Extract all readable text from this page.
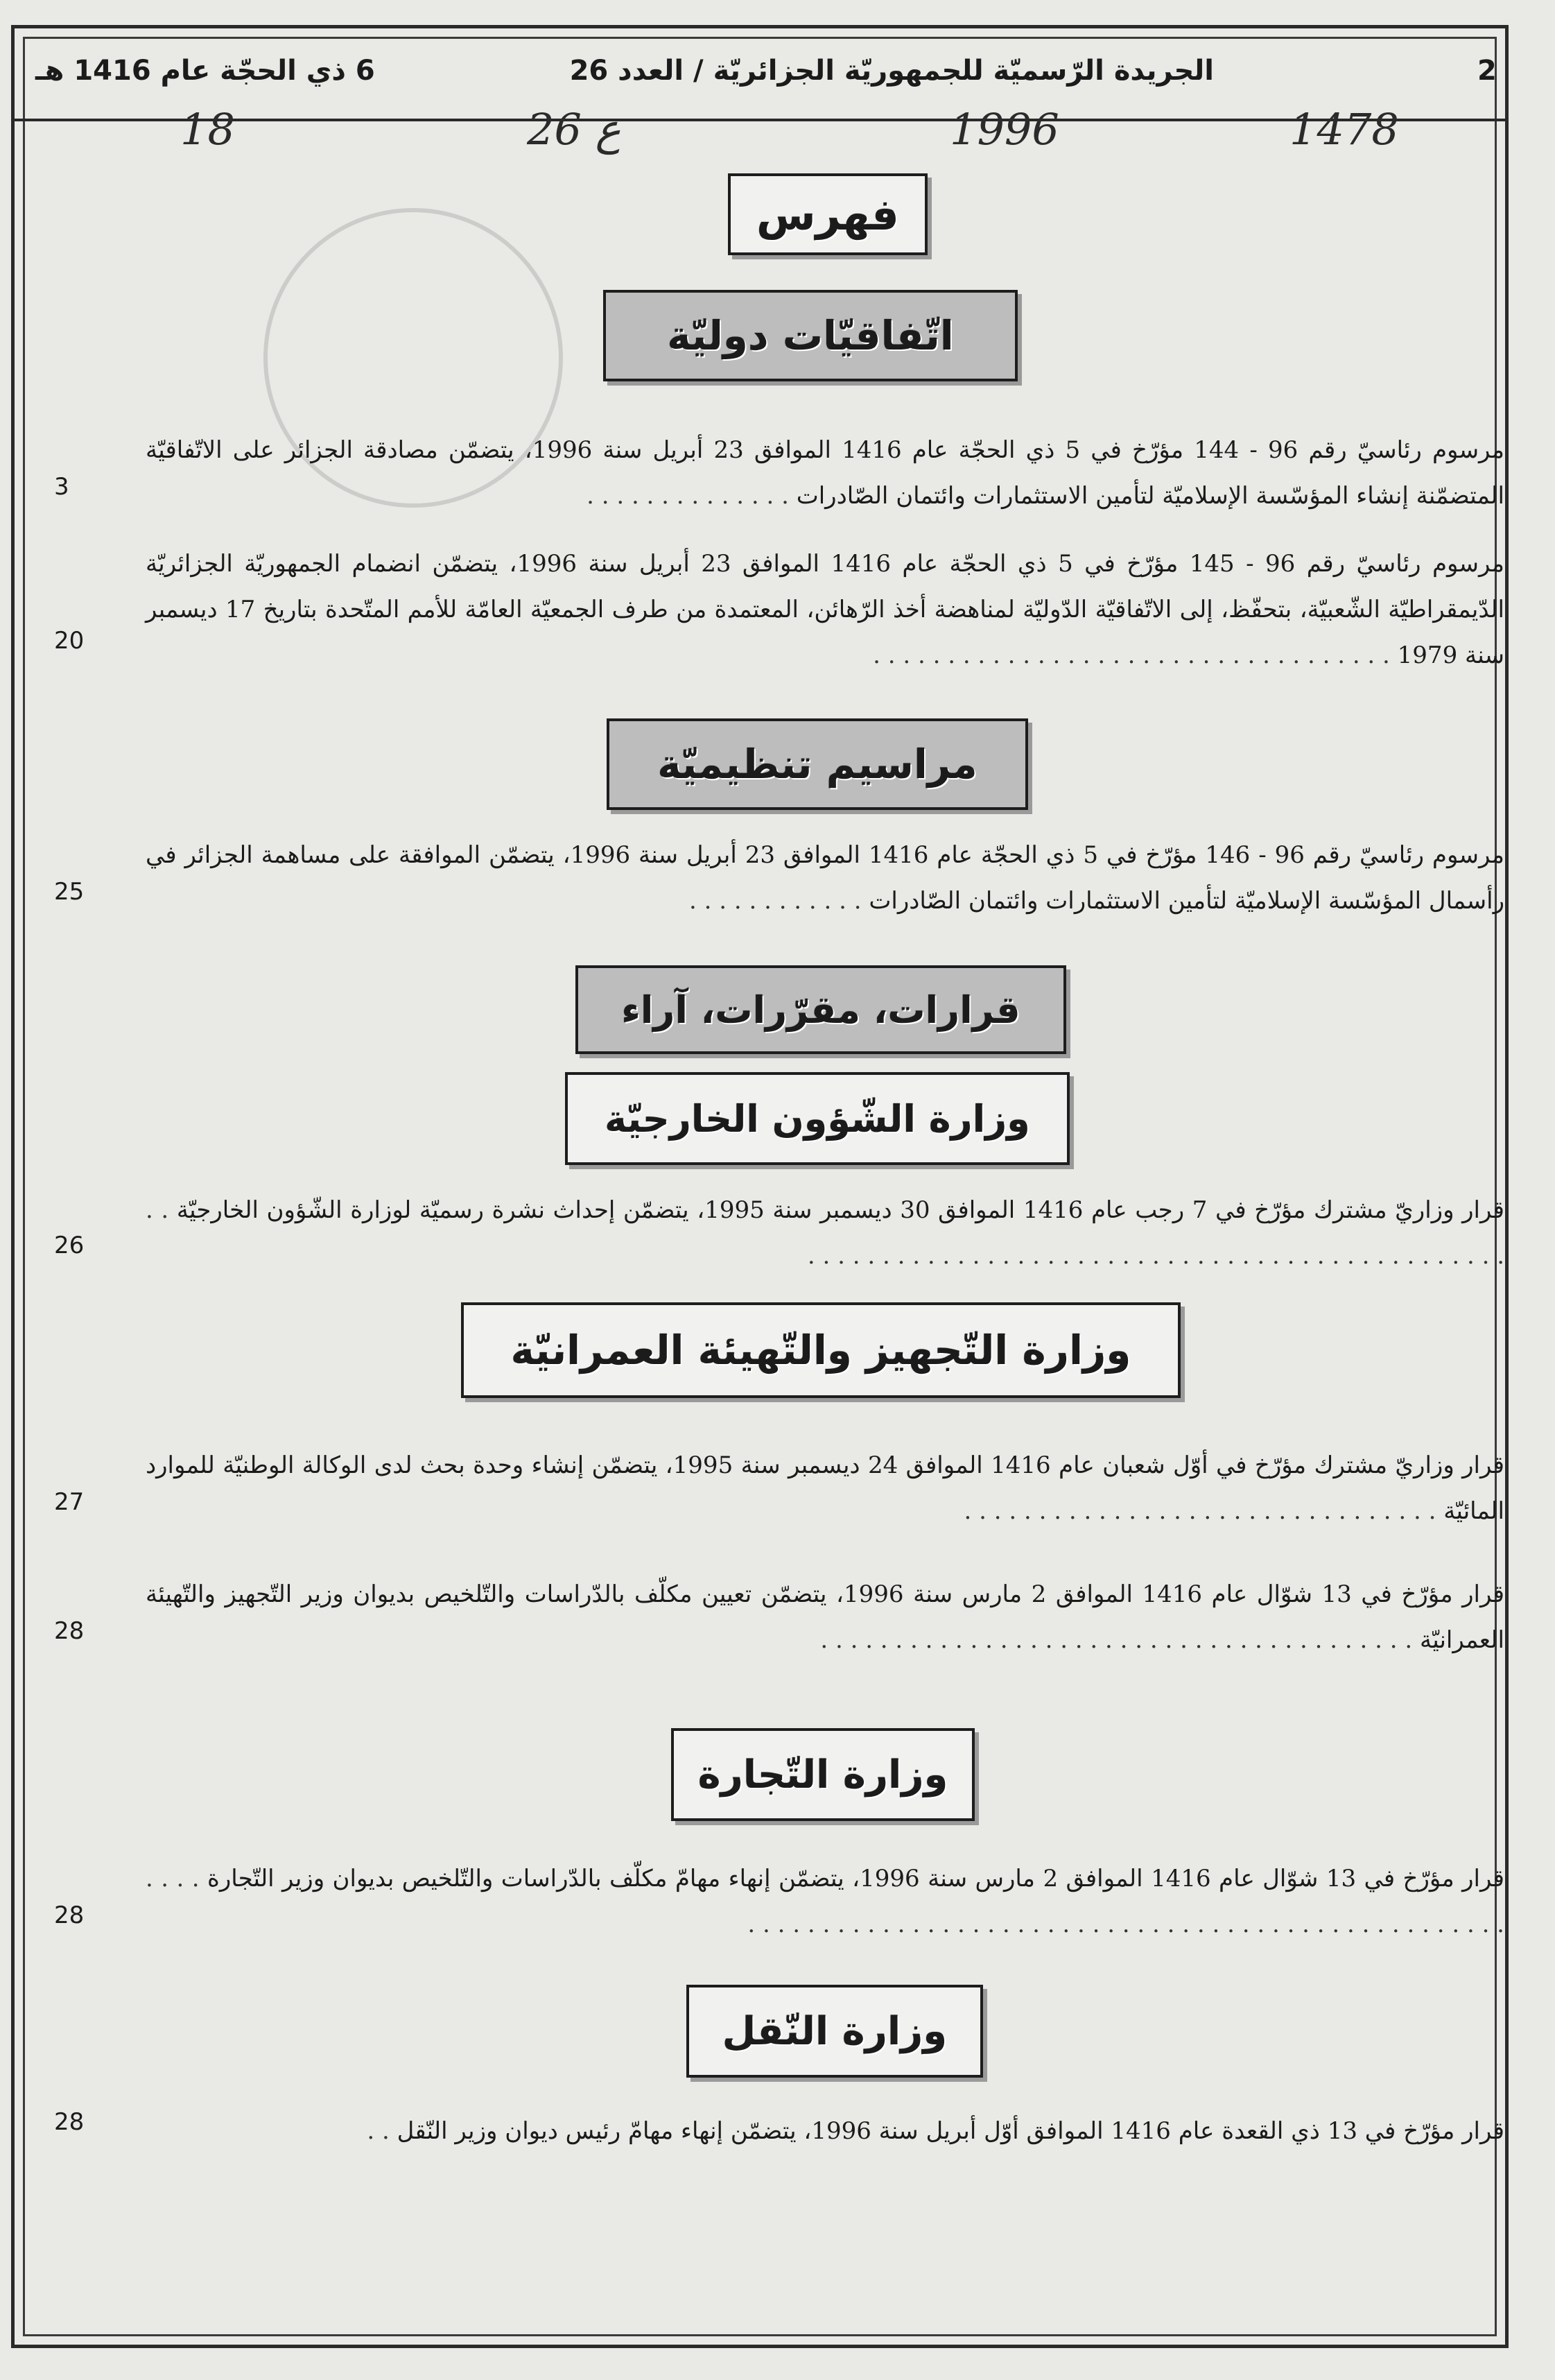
2
الجريدة الرّسميّة للجمهوريّة الجزائريّة / العدد 26
6 ذي الحجّة عام 1416 هـ
18	26 ع	1996	1478
فهرس
اتّفاقيّات دوليّة
مرسوم رئاسيّ رقم 96 - 144 مؤرّخ في 5 ذي الحجّة عام 1416 الموافق 23 أبريل سنة 1996، يتضمّن مصادقة الجزائر على الاتّفاقيّة المتضمّنة إنشاء المؤسّسة الإسلاميّة لتأمين الاستثمارات وائتمان الصّادرات . . . . . . . . . . . . . .
3
مرسوم رئاسيّ رقم 96 - 145 مؤرّخ في 5 ذي الحجّة عام 1416 الموافق 23 أبريل سنة 1996، يتضمّن انضمام الجمهوريّة الجزائريّة الدّيمقراطيّة الشّعبيّة، بتحفّظ، إلى الاتّفاقيّة الدّوليّة لمناهضة أخذ الرّهائن، المعتمدة من طرف الجمعيّة العامّة للأمم المتّحدة بتاريخ 17 ديسمبر سنة 1979 . . . . . . . . . . . . . . . . . . . . . . . . . . . . . . . . . . .
20
مراسيم تنظيميّة
مرسوم رئاسيّ رقم 96 - 146 مؤرّخ في 5 ذي الحجّة عام 1416 الموافق 23 أبريل سنة 1996، يتضمّن الموافقة على مساهمة الجزائر في رأسمال المؤسّسة الإسلاميّة لتأمين الاستثمارات وائتمان الصّادرات . . . . . . . . . . . .
25
قرارات، مقرّرات، آراء
وزارة الشّؤون الخارجيّة
قرار وزاريّ مشترك مؤرّخ في 7 رجب عام 1416 الموافق 30 ديسمبر سنة 1995، يتضمّن إحداث نشرة رسميّة لوزارة الشّؤون الخارجيّة . . . . . . . . . . . . . . . . . . . . . . . . . . . . . . . . . . . . . . . . . . . . . . . . .
26
وزارة التّجهيز والتّهيئة العمرانيّة
قرار وزاريّ مشترك مؤرّخ في أوّل شعبان عام 1416 الموافق 24 ديسمبر سنة 1995، يتضمّن إنشاء وحدة بحث لدى الوكالة الوطنيّة للموارد المائيّة . . . . . . . . . . . . . . . . . . . . . . . . . . . . . . . .
27
قرار مؤرّخ في 13 شوّال عام 1416 الموافق 2 مارس سنة 1996، يتضمّن تعيين مكلّف بالدّراسات والتّلخيص بديوان وزير التّجهيز والتّهيئة العمرانيّة . . . . . . . . . . . . . . . . . . . . . . . . . . . . . . . . . . . . . . . .
28
وزارة التّجارة
قرار مؤرّخ في 13 شوّال عام 1416 الموافق 2 مارس سنة 1996، يتضمّن إنهاء مهامّ مكلّف بالدّراسات والتّلخيص بديوان وزير التّجارة . . . . . . . . . . . . . . . . . . . . . . . . . . . . . . . . . . . . . . . . . . . . . . . . . . . . . . .
28
وزارة النّقل
قرار مؤرّخ في 13 ذي القعدة عام 1416 الموافق أوّل أبريل سنة 1996، يتضمّن إنهاء مهامّ رئيس ديوان وزير النّقل . .
28
